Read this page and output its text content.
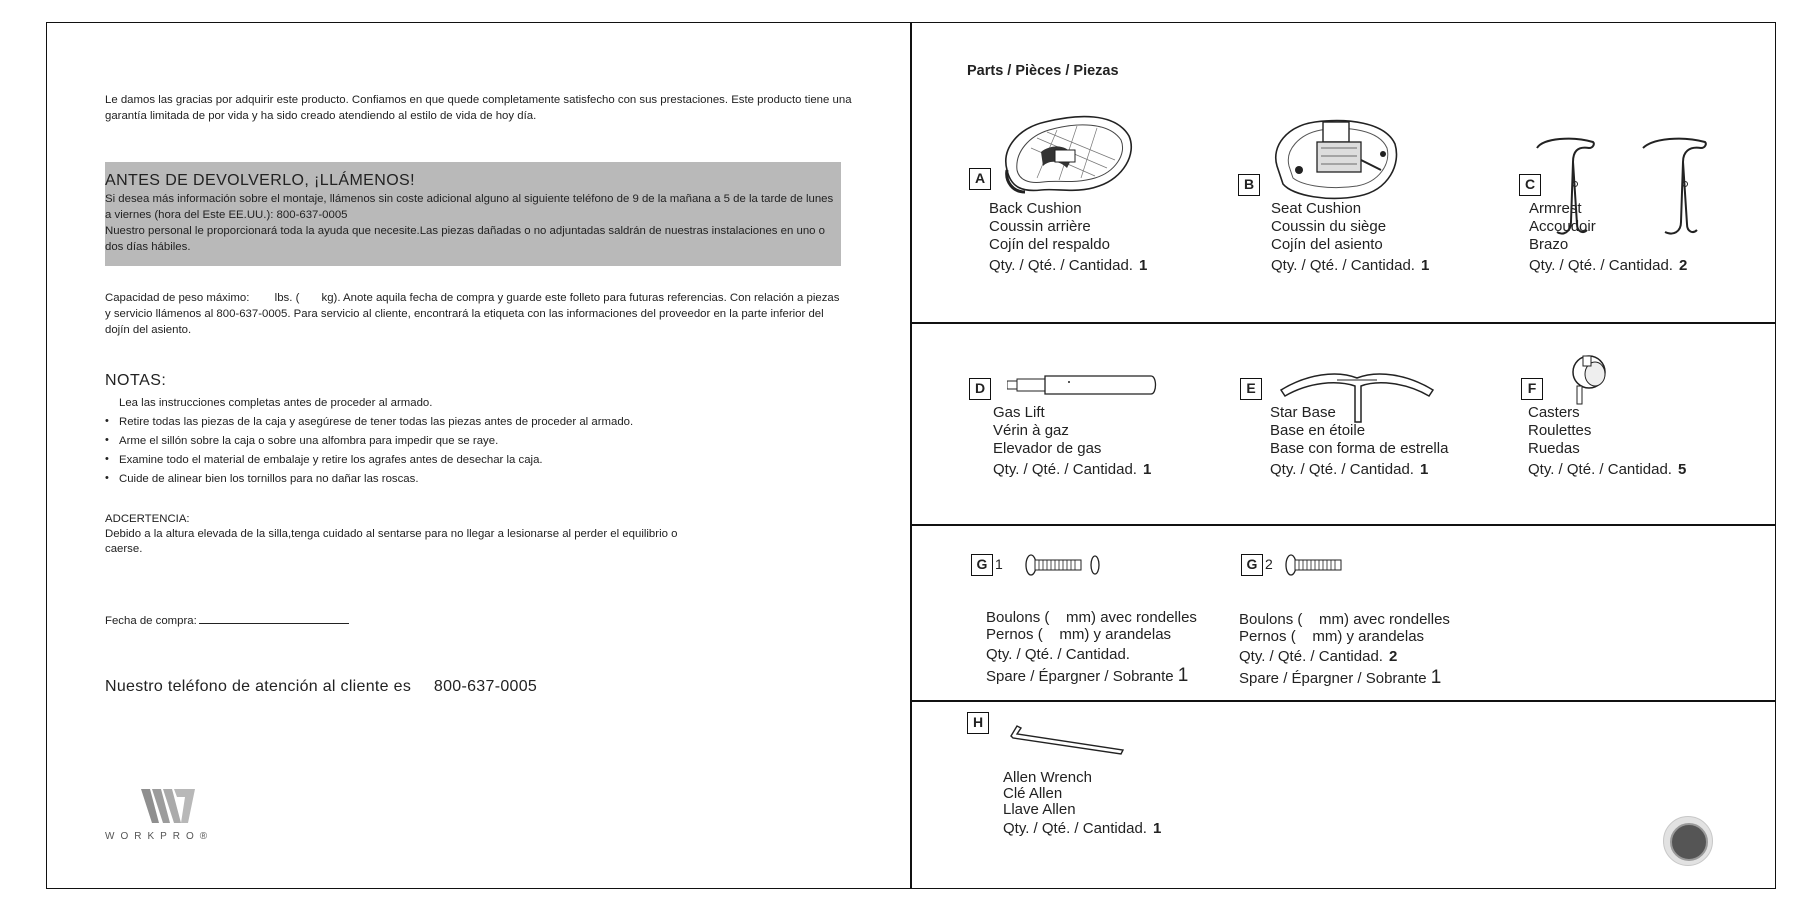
Le damos las gracias por adquirir este producto. Confiamos en que quede completamente satisfecho con sus prestaciones. Este producto tiene una garantía limitada de por vida y ha sido creado atendiendo al estilo de vida de hoy día.

ANTES DE DEVOLVERLO, ¡LLÁMENOS!

Si desea más información sobre el montaje, llámenos sin coste adicional alguno al siguiente teléfono de 9 de la mañana a 5 de la tarde de lunes a viernes (hora del Este EE.UU.): 800-637-0005

Nuestro personal le proporcionará toda la ayuda que necesite.Las piezas dañadas o no adjuntadas saldrán de nuestras instalaciones en uno o dos días hábiles.

Capacidad de peso máximo:        lbs. (       kg). Anote aquila fecha de compra y guarde este folleto para futuras referencias. Con relación a piezas y servicio llámenos al 800-637-0005. Para servicio al cliente, encontrará la etiqueta con las informaciones del proveedor en la parte inferior del dojín del asiento.

NOTAS:
Lea las instrucciones completas antes de proceder al armado.
• Retire todas las piezas de la caja y asegúrese de tener todas las piezas antes de proceder al armado.
• Arme el sillón sobre la caja o sobre una alfombra para impedir que se raye.
• Examine todo el material de embalaje y retire los agrafes antes de desechar la caja.
• Cuide de alinear bien los tornillos para no dañar las roscas.
ADCERTENCIA:
Debido a la altura elevada de la silla,tenga cuidado al sentarse para no llegar a lesionarse al perder el equilibrio o caerse.
Fecha de compra:
Nuestro teléfono de atención al cliente es 800-637-0005
WORKPRO®
Parts / Pièces / Piezas
A
Back Cushion
Coussin arrière
Cojín del respaldo
Qty. / Qté. / Cantidad. 1
B
Seat Cushion
Coussin du siège
Cojín del asiento
Qty. / Qté. / Cantidad. 1
C
Armrest
Accoudoir
Brazo
Qty. / Qté. / Cantidad. 2
D
Gas Lift
Vérin à gaz
Elevador de gas
Qty. / Qté. / Cantidad. 1
E
Star Base
Base en étoile
Base con forma de estrella
Qty. / Qté. / Cantidad. 1
F
Casters
Roulettes
Ruedas
Qty. / Qté. / Cantidad. 5
G 1
Boulons (    mm) avec rondelles
Pernos (    mm) y arandelas
Qty. / Qté. / Cantidad.
Spare / Épargner / Sobrante 1
G 2
Boulons (    mm) avec rondelles
Pernos (    mm) y arandelas
Qty. / Qté. / Cantidad. 2
Spare / Épargner / Sobrante 1
H
Allen Wrench
Clé Allen
Llave Allen
Qty. / Qté. / Cantidad. 1
